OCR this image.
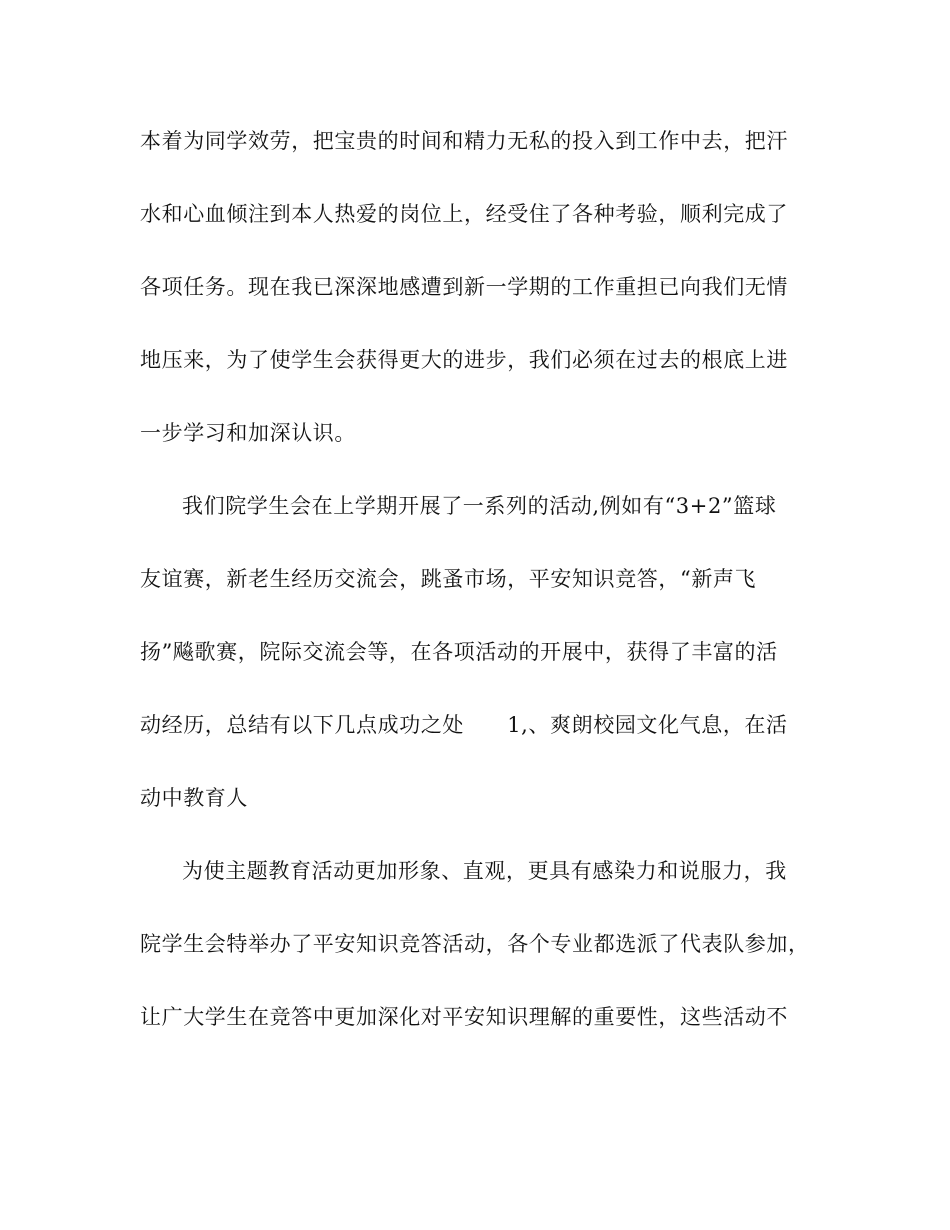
本着为同学效劳，把宝贵的时间和精力无私的投入到工作中去，把汗
水和心血倾注到本人热爱的岗位上，经受住了各种考验，顺利完成了
各项任务。现在我已深深地感遭到新一学期的工作重担已向我们无情
地压来，为了使学生会获得更大的进步，我们必须在过去的根底上进
一步学习和加深认识。
我们院学生会在上学期开展了一系列的活动,例如有“3+2”篮球
友谊赛，新老生经历交流会，跳蚤市场，平安知识竞答，“新声飞
扬”飚歌赛，院际交流会等，在各项活动的开展中，获得了丰富的活
动经历，总结有以下几点成功之处　　1,、爽朗校园文化气息，在活
动中教育人
为使主题教育活动更加形象、直观，更具有感染力和说服力，我
院学生会特举办了平安知识竞答活动，各个专业都选派了代表队参加，
让广大学生在竞答中更加深化对平安知识理解的重要性，这些活动不
